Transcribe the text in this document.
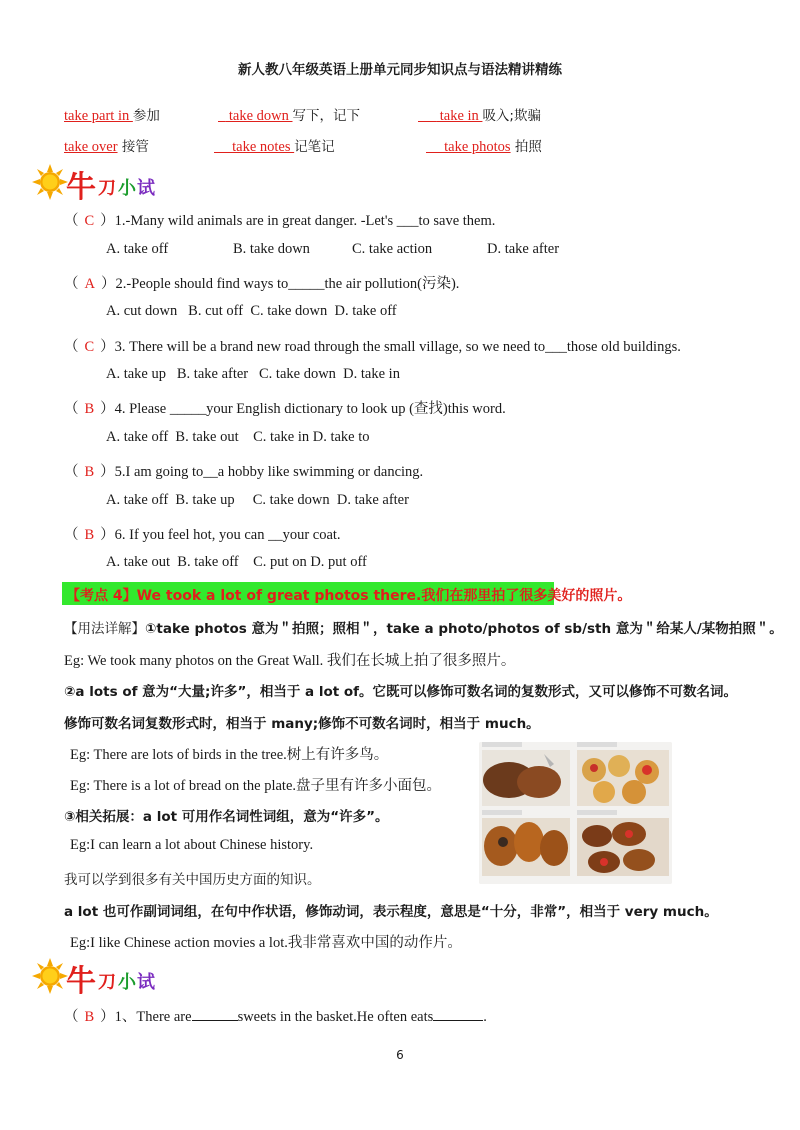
新人教八年级英语上册单元同步知识点与语法精讲精练
take part in 参加	take down 写下，记下	take in 吸入;欺骗
take over 接管	take notes 记笔记	take photos 拍照
牛 刀 小 试
（ C ）1.-Many wild animals are in great danger. -Let's ___to save them.
A. take off	B. take down	C. take action	D. take after
（ A ）2.-People should find ways to_____the air pollution(污染).
A. cut down   B. cut off  C. take down  D. take off
（ C ）3. There will be a brand new road through the small village, so we need to___those old buildings.
A. take up   B. take after   C. take down  D. take in
（ B ）4. Please _____your English dictionary to look up (查找)this word.
A. take off  B. take out    C. take in D. take to
（ B ）5.I am going to__a hobby like swimming or dancing.
A. take off  B. take up     C. take down  D. take after
（ B ）6. If you feel hot, you can __your coat.
A. take out  B. take off    C. put on D. put off
【考点 4】We took a lot of great photos there.我们在那里拍了很多美好的照片。
【用法详解】①take photos 意为＂拍照；照相＂，take a photo/photos of sb/sth 意为＂给某人/某物拍照＂。
Eg: We took many photos on the Great Wall. 我们在长城上拍了很多照片。
②a lots of 意为“大量;许多”，相当于 a lot of。它既可以修饰可数名词的复数形式，又可以修饰不可数名词。
修饰可数名词复数形式时，相当于 many;修饰不可数名词时，相当于 much。
Eg: There are lots of birds in the tree.树上有许多鸟。
Eg: There is a lot of bread on the plate.盘子里有许多小面包。
③相关拓展：a lot 可用作名词性词组，意为“许多”。
Eg:I can learn a lot about Chinese history.
我可以学到很多有关中国历史方面的知识。
a lot 也可作副词词组，在句中作状语，修饰动词，表示程度，意思是“十分，非常”，相当于 very much。
Eg:I like Chinese action movies a lot.我非常喜欢中国的动作片。
牛 刀 小 试
（ B ）1、There are	sweets in the basket.He often eats	.
6
